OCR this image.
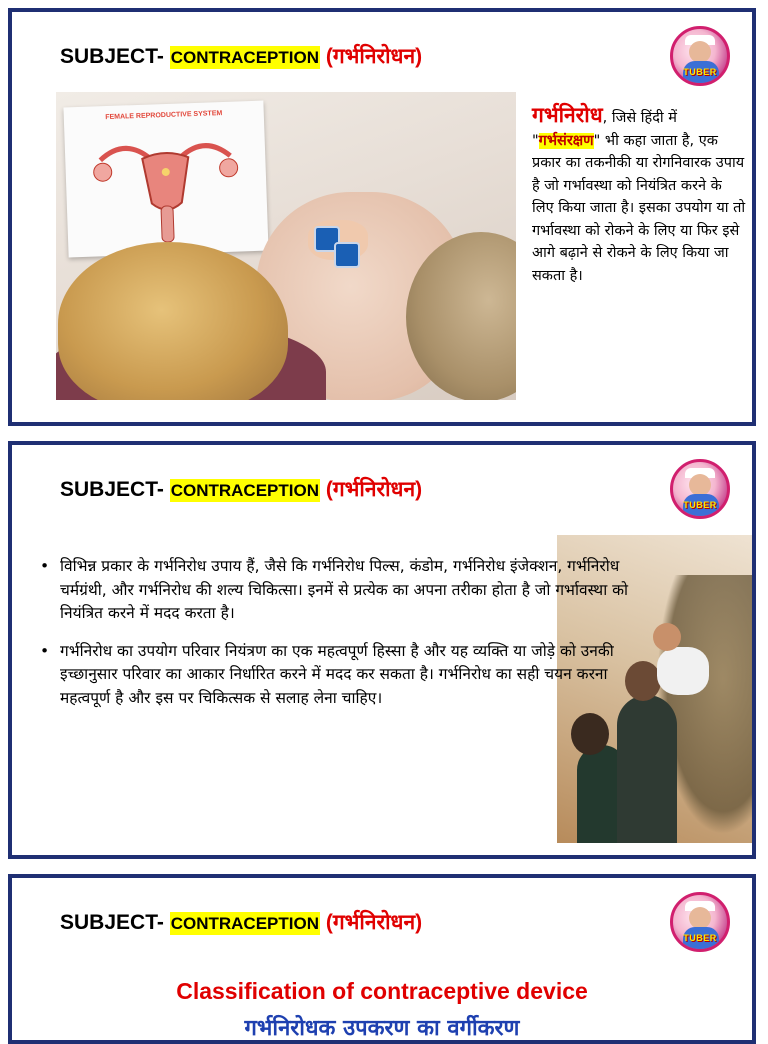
SUBJECT- CONTRACEPTION (गर्भनिरोधन)
TUBER
FEMALE REPRODUCTIVE SYSTEM	गर्भनिरोध, जिसे हिंदी में "गर्भसंरक्षण" भी कहा जाता है, एक प्रकार का तकनीकी या रोगनिवारक उपाय है जो गर्भावस्था को नियंत्रित करने के लिए किया जाता है। इसका उपयोग या तो गर्भावस्था को रोकने के लिए या फिर इसे आगे बढ़ाने से रोकने के लिए किया जा सकता है।
SUBJECT- CONTRACEPTION (गर्भनिरोधन)
TUBER
• विभिन्न प्रकार के गर्भनिरोध उपाय हैं, जैसे कि गर्भनिरोध पिल्स, कंडोम, गर्भनिरोध इंजेक्शन, गर्भनिरोध चर्मग्रंथी, और गर्भनिरोध की शल्य चिकित्सा। इनमें से प्रत्येक का अपना तरीका होता है जो गर्भावस्था को नियंत्रित करने में मदद करता है।
• गर्भनिरोध का उपयोग परिवार नियंत्रण का एक महत्वपूर्ण हिस्सा है और यह व्यक्ति या जोड़े को उनकी इच्छानुसार परिवार का आकार निर्धारित करने में मदद कर सकता है। गर्भनिरोध का सही चयन करना महत्वपूर्ण है और इस पर चिकित्सक से सलाह लेना चाहिए।
SUBJECT- CONTRACEPTION (गर्भनिरोधन)
TUBER
Classification of contraceptive device
गर्भनिरोधक उपकरण का वर्गीकरण
